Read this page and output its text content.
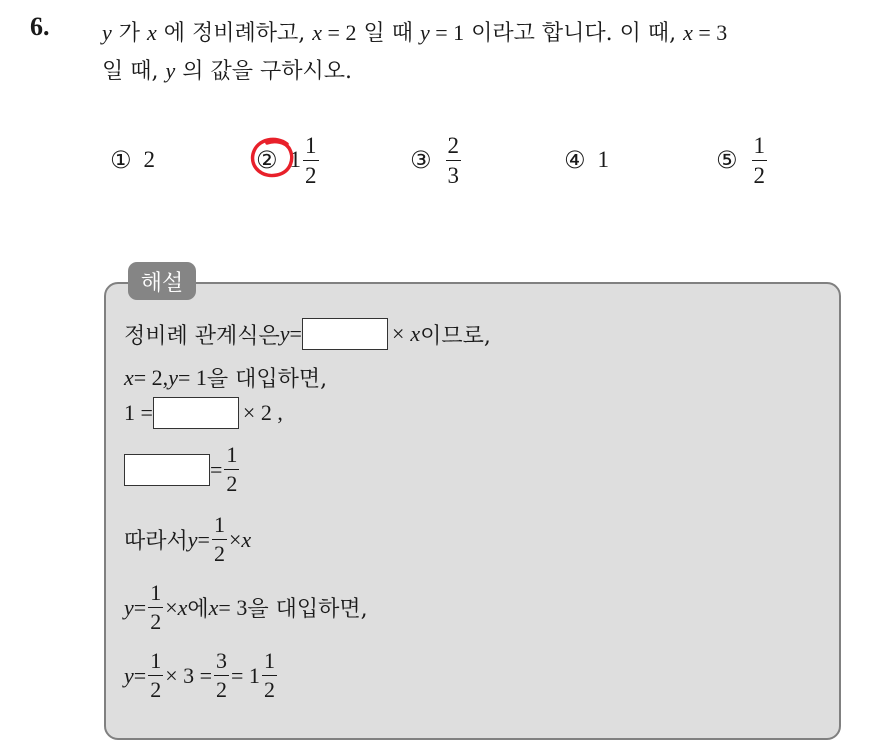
6. y 가 x 에 정비례하고, x = 2 일 때 y = 1 이라고 합니다. 이 때, x = 3
일 때, y 의 값을 구하시오.
① 2	② $1 \frac{1}{2}$	③ $\frac{2}{3}$	④ 1	⑤ $\frac{1}{2}$
해설
정비례 관계식은 y =	× x 이므로,
x = 2, y = 1 을 대입하면,
1 =	× 2 ,
= $\frac{1}{2}$
따라서 $y = \frac{1}{2} \times x$
$y = \frac{1}{2} \times x$ 에 x = 3 을 대입하면,
$y = \frac{1}{2} \times 3 = \frac{3}{2} = 1 \frac{1}{2}$
